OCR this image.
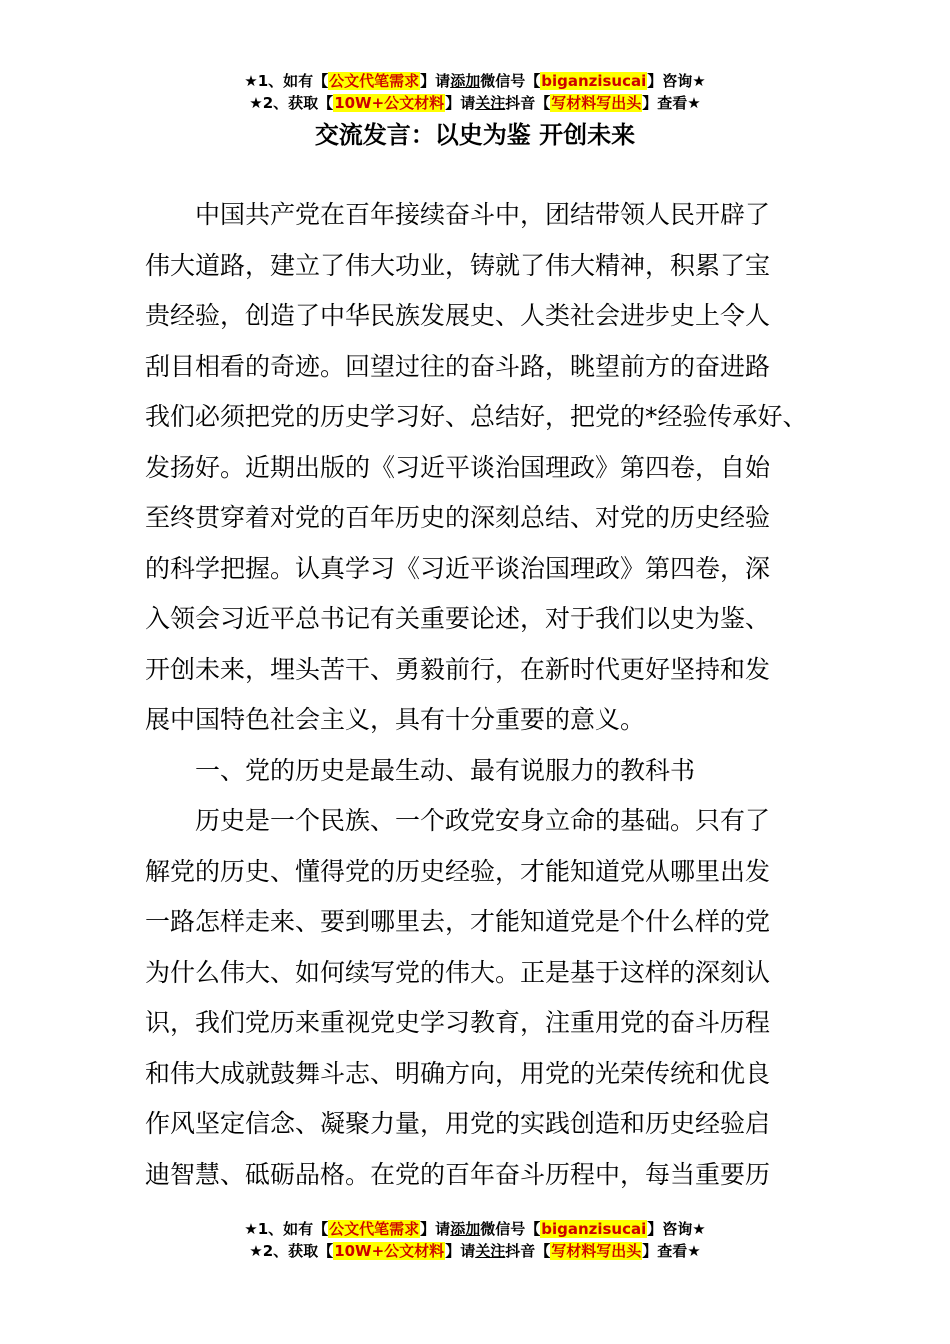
★1、如有【公文代笔需求】请添加微信号【biganzisucai】咨询★
★2、获取【10W+公文材料】请关注抖音【写材料写出头】查看★
交流发言：以史为鉴 开创未来
中国共产党在百年接续奋斗中，团结带领人民开辟了
伟大道路，建立了伟大功业，铸就了伟大精神，积累了宝
贵经验，创造了中华民族发展史、人类社会进步史上令人
刮目相看的奇迹。回望过往的奋斗路，眺望前方的奋进路
我们必须把党的历史学习好、总结好，把党的*经验传承好、
发扬好。近期出版的《习近平谈治国理政》第四卷，自始
至终贯穿着对党的百年历史的深刻总结、对党的历史经验
的科学把握。认真学习《习近平谈治国理政》第四卷，深
入领会习近平总书记有关重要论述，对于我们以史为鉴、
开创未来，埋头苦干、勇毅前行，在新时代更好坚持和发
展中国特色社会主义，具有十分重要的意义。
一、党的历史是最生动、最有说服力的教科书
历史是一个民族、一个政党安身立命的基础。只有了
解党的历史、懂得党的历史经验，才能知道党从哪里出发
一路怎样走来、要到哪里去，才能知道党是个什么样的党
为什么伟大、如何续写党的伟大。正是基于这样的深刻认
识，我们党历来重视党史学习教育，注重用党的奋斗历程
和伟大成就鼓舞斗志、明确方向，用党的光荣传统和优良
作风坚定信念、凝聚力量，用党的实践创造和历史经验启
迪智慧、砥砺品格。在党的百年奋斗历程中，每当重要历
★1、如有【公文代笔需求】请添加微信号【biganzisucai】咨询★
★2、获取【10W+公文材料】请关注抖音【写材料写出头】查看★
